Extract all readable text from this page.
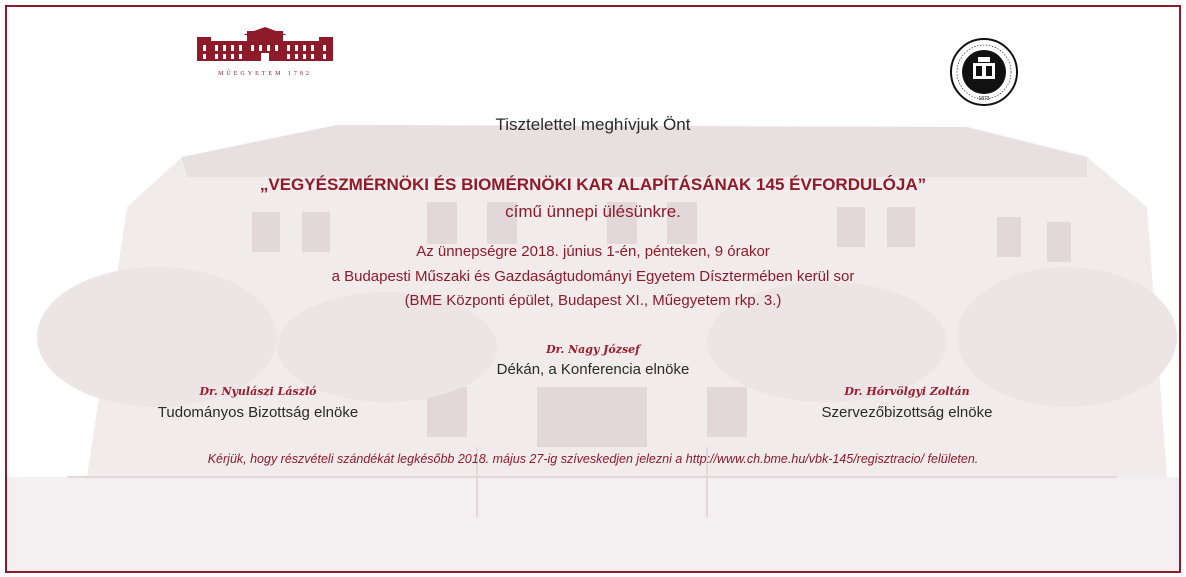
MŰEGYETEM 1782
1873
Tisztelettel meghívjuk Önt
„VEGYÉSZMÉRNÖKI ÉS BIOMÉRNÖKI KAR ALAPÍTÁSÁNAK 145 ÉVFORDULÓJA”
című ünnepi ülésünkre.
Az ünnepségre 2018. június 1-én, pénteken, 9 órakor
a Budapesti Műszaki és Gazdaságtudományi Egyetem Dísztermében kerül sor
(BME Központi épület, Budapest XI., Műegyetem rkp. 3.)
Dr. Nagy József
Dékán, a Konferencia elnöke
Dr. Nyulászi László
Tudományos Bizottság elnöke
Dr. Hórvölgyi Zoltán
Szervezőbizottság elnöke
Kérjük, hogy részvételi szándékát legkésőbb 2018. május 27-ig szíveskedjen jelezni a http://www.ch.bme.hu/vbk-145/regisztracio/ felületen.
